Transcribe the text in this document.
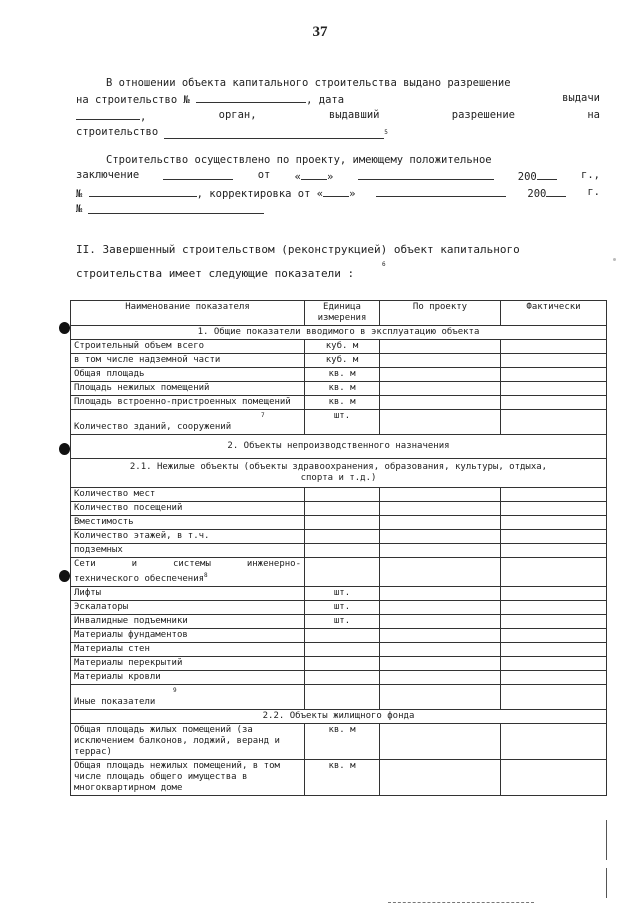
37
В отношении объекта капитального строительства выдано разрешение
на строительство №	, дата	выдачи
,	орган,	выдавший	разрешение	на
строительство	$^5$
Строительство осуществлено по проекту, имеющему положительное
заключение	от « »	200	г.,
№	, корректировка от « »	200	г.
№
II. Завершенный строительством (реконструкцией) объект капитального
строительства имеет следующие показатели :
6
Наименование показателя	Единица измерения	По проекту	Фактически
1. Общие показатели вводимого в эксплуатацию объекта			
Строительный объем всего	куб. м		
в том числе надземной части	куб. м		
Общая площадь	кв. м		
Площадь нежилых помещений	кв. м		
Площадь встроенно-пристроенных помещений	кв. м		

7
Количество зданий, сооружений	шт.		
2. Объекты непроизводственного назначения			
2.1. Нежилые объекты (объекты здравоохранения, образования, культуры, отдыха, спорта и т.д.)			
Количество мест			
Количество посещений			
Вместимость			
Количество этажей, в т.ч.			
подземных			

Сети и системы инженерно-
технического обеспечения$^8$

Лифты	шт.		
Эскалаторы	шт.		
Инвалидные подъемники	шт.		
Материалы фундаментов			
Материалы стен			
Материалы перекрытий			
Материалы кровли			

9
Иные показатели			
2.2. Объекты жилищного фонда			
Общая площадь жилых помещений (за исключением балконов, лоджий, веранд и террас)	кв. м		
Общая площадь нежилых помещений, в том числе площадь общего имущества в многоквартирном доме	кв. м		
